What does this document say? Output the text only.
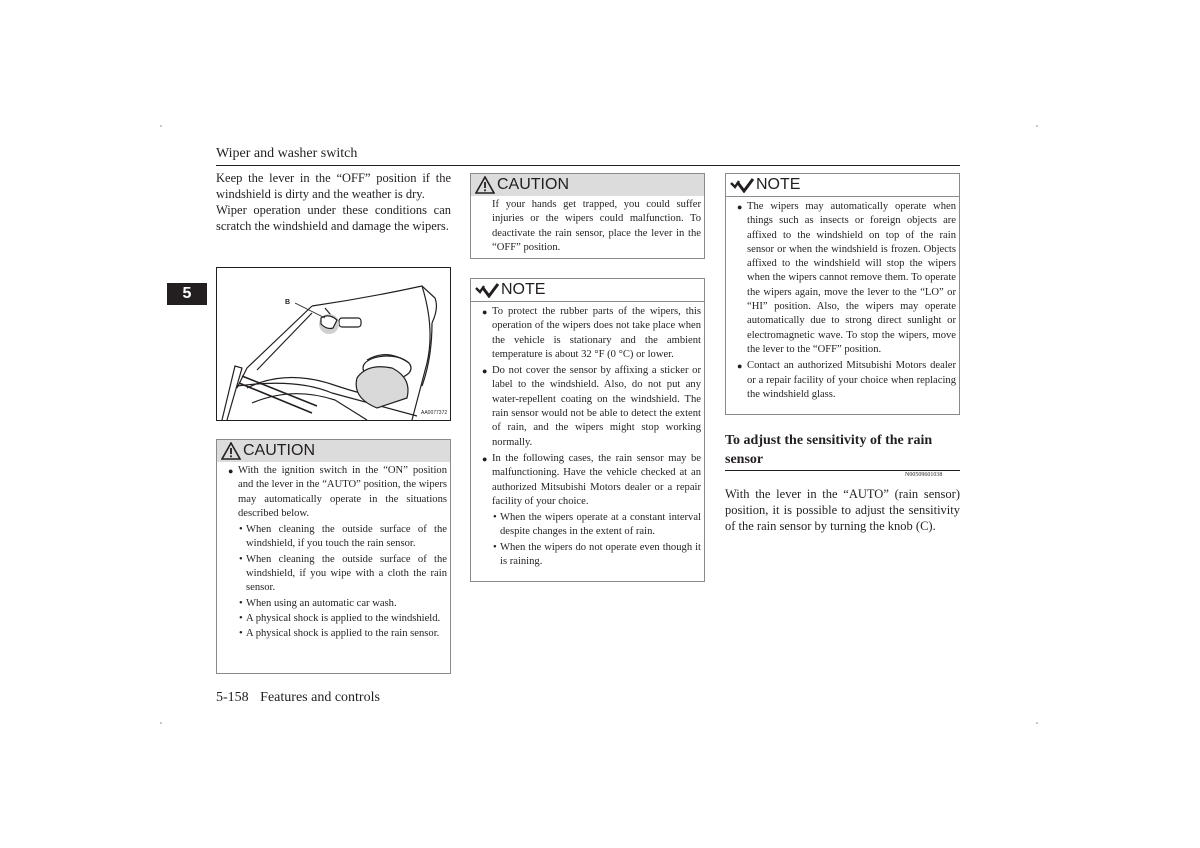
Wiper and washer switch
5
Keep the lever in the “OFF” position if the windshield is dirty and the weather is dry.
Wiper operation under these conditions can scratch the windshield and damage the wipers.
B
AA0077372
CAUTION
● With the ignition switch in the “ON” position and the lever in the “AUTO” position, the wipers may automatically operate in the situations described below.
• When cleaning the outside surface of the windshield, if you touch the rain sensor.
• When cleaning the outside surface of the windshield, if you wipe with a cloth the rain sensor.
• When using an automatic car wash.
• A physical shock is applied to the windshield.
• A physical shock is applied to the rain sensor.
CAUTION
If your hands get trapped, you could suffer injuries or the wipers could malfunction. To deactivate the rain sensor, place the lever in the “OFF” position.
NOTE
● To protect the rubber parts of the wipers, this operation of the wipers does not take place when the vehicle is stationary and the ambient temperature is about 32 °F (0 °C) or lower.
● Do not cover the sensor by affixing a sticker or label to the windshield. Also, do not put any water-repellent coating on the windshield. The rain sensor would not be able to detect the extent of rain, and the wipers might stop working normally.
● In the following cases, the rain sensor may be malfunctioning. Have the vehicle checked at an authorized Mitsubishi Motors dealer or a repair facility of your choice.
• When the wipers operate at a constant interval despite changes in the extent of rain.
• When the wipers do not operate even though it is raining.
NOTE
● The wipers may automatically operate when things such as insects or foreign objects are affixed to the windshield on top of the rain sensor or when the windshield is frozen. Objects affixed to the windshield will stop the wipers when the wipers cannot remove them. To operate the wipers again, move the lever to the “LO” or “HI” position. Also, the wipers may operate automatically due to strong direct sunlight or electromagnetic wave. To stop the wipers, move the lever to the “OFF” position.
● Contact an authorized Mitsubishi Motors dealer or a repair facility of your choice when replacing the windshield glass.
To adjust the sensitivity of the rain sensor
N00509601038
With the lever in the “AUTO” (rain sensor) position, it is possible to adjust the sensitivity of the rain sensor by turning the knob (C).
5-158 Features and controls
